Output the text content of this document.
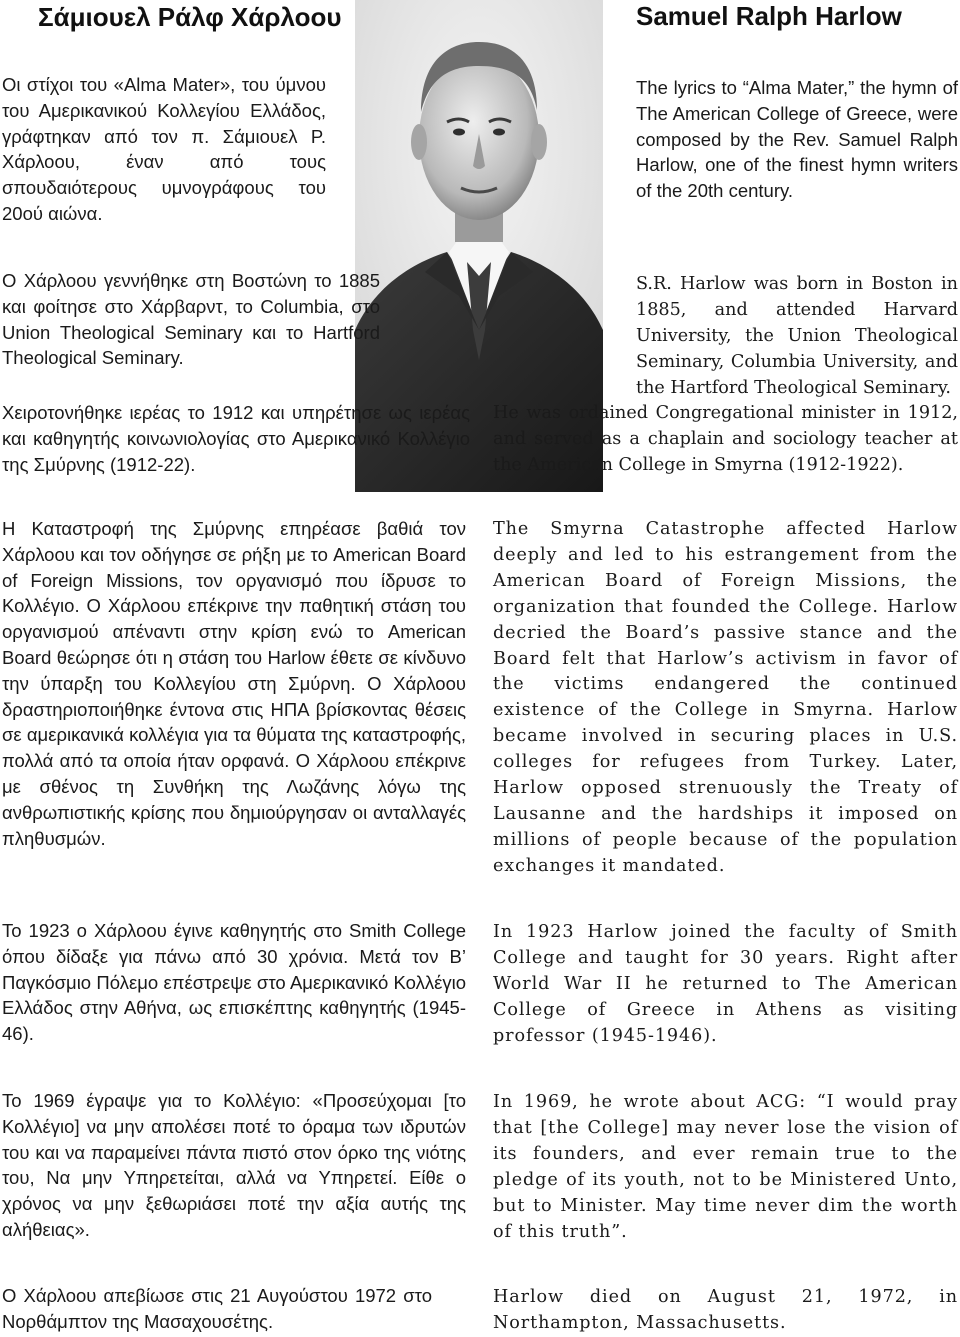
Σάμιουελ Ράλφ Χάρλοου	Samuel Ralph Harlow

Οι στίχοι του «Alma Mater», του ύμνου του Αμερικανικού Κολλεγίου Ελλάδος, γράφτηκαν από τον π. Σάμιουελ Ρ. Χάρλοου, έναν από τους σπουδαιότερους υμνογράφους του 20ού αιώνα.

The lyrics to “Alma Mater,” the hymn of The American College of Greece, were composed by the Rev. Samuel Ralph Harlow, one of the finest hymn writers of the 20th century.

Ο Χάρλοου γεννήθηκε στη Βοστώνη το 1885 και φοίτησε στο Χάρβαρντ, το Columbia, στο Union Theological Seminary και το Hartford Theological Seminary.

Χειροτονήθηκε ιερέας το 1912 και υπηρέτησε ως ιερέας και καθηγητής κοινωνιολογίας στο Αμερικανικό Κολλέγιο της Σμύρνης (1912-22).

S.R. Harlow was born in Boston in 1885, and attended Harvard University, the Union Theological Seminary, Columbia University, and the Hartford Theological Seminary.

He was ordained Congregational minister in 1912, and served as a chaplain and sociology teacher at the American College in Smyrna (1912-1922).

Η Καταστροφή της Σμύρνης επηρέασε βαθιά τον Χάρλοου και τον οδήγησε σε ρήξη με το American Board of Foreign Missions, τον οργανισμό που ίδρυσε το Κολλέγιο. Ο Χάρλοου επέκρινε την παθητική στάση του οργανισμού απέναντι στην κρίση ενώ το American Board θεώρησε ότι η στάση του Harlow έθετε σε κίνδυνο την ύπαρξη του Κολλεγίου στη Σμύρνη. Ο Χάρλοου δραστηριοποιήθηκε έντονα στις ΗΠΑ βρίσκοντας θέσεις σε αμερικανικά κολλέγια για τα θύματα της καταστροφής, πολλά από τα οποία ήταν ορφανά. Ο Χάρλοου επέκρινε με σθένος τη Συνθήκη της Λωζάνης λόγω της ανθρωπιστικής κρίσης που δημιούργησαν οι ανταλλαγές πληθυσμών.

The Smyrna Catastrophe affected Harlow deeply and led to his estrangement from the American Board of Foreign Missions, the organization that founded the College. Harlow decried the Board’s passive stance and the Board felt that Harlow’s activism in favor of the victims endangered the continued existence of the College in Smyrna. Harlow became involved in securing places in U.S. colleges for refugees from Turkey. Later, Harlow opposed strenuously the Treaty of Lausanne and the hardships it imposed on millions of people because of the population exchanges it mandated.

Το 1923 ο Χάρλοου έγινε καθηγητής στο Smith College όπου δίδαξε για πάνω από 30 χρόνια. Μετά τον Β’ Παγκόσμιο Πόλεμο επέστρεψε στο Αμερικανικό Κολλέγιο Ελλάδος στην Αθήνα, ως επισκέπτης καθηγητής (1945-46).

In 1923 Harlow joined the faculty of Smith College and taught for 30 years. Right after World War II he returned to The American College of Greece in Athens as visiting professor (1945-1946).

Το 1969 έγραψε για το Κολλέγιο: «Προσεύχομαι [το Κολλέγιο] να μην απολέσει ποτέ το όραμα των ιδρυτών του και να παραμείνει πάντα πιστό στον όρκο της νιότης του, Να μην Υπηρετείται, αλλά να Υπηρετεί. Είθε ο χρόνος να μην ξεθωριάσει ποτέ την αξία αυτής της αλήθειας».

In 1969, he wrote about ACG: “I would pray that [the College] may never lose the vision of its founders, and ever remain true to the pledge of its youth, not to be Ministered Unto, but to Minister. May time never dim the worth of this truth”.

Ο Χάρλοου απεβίωσε στις 21 Αυγούστου 1972 στο Νορθάμπτον της Μασαχουσέτης.

Harlow died on August 21, 1972, in Northampton, Massachusetts.
